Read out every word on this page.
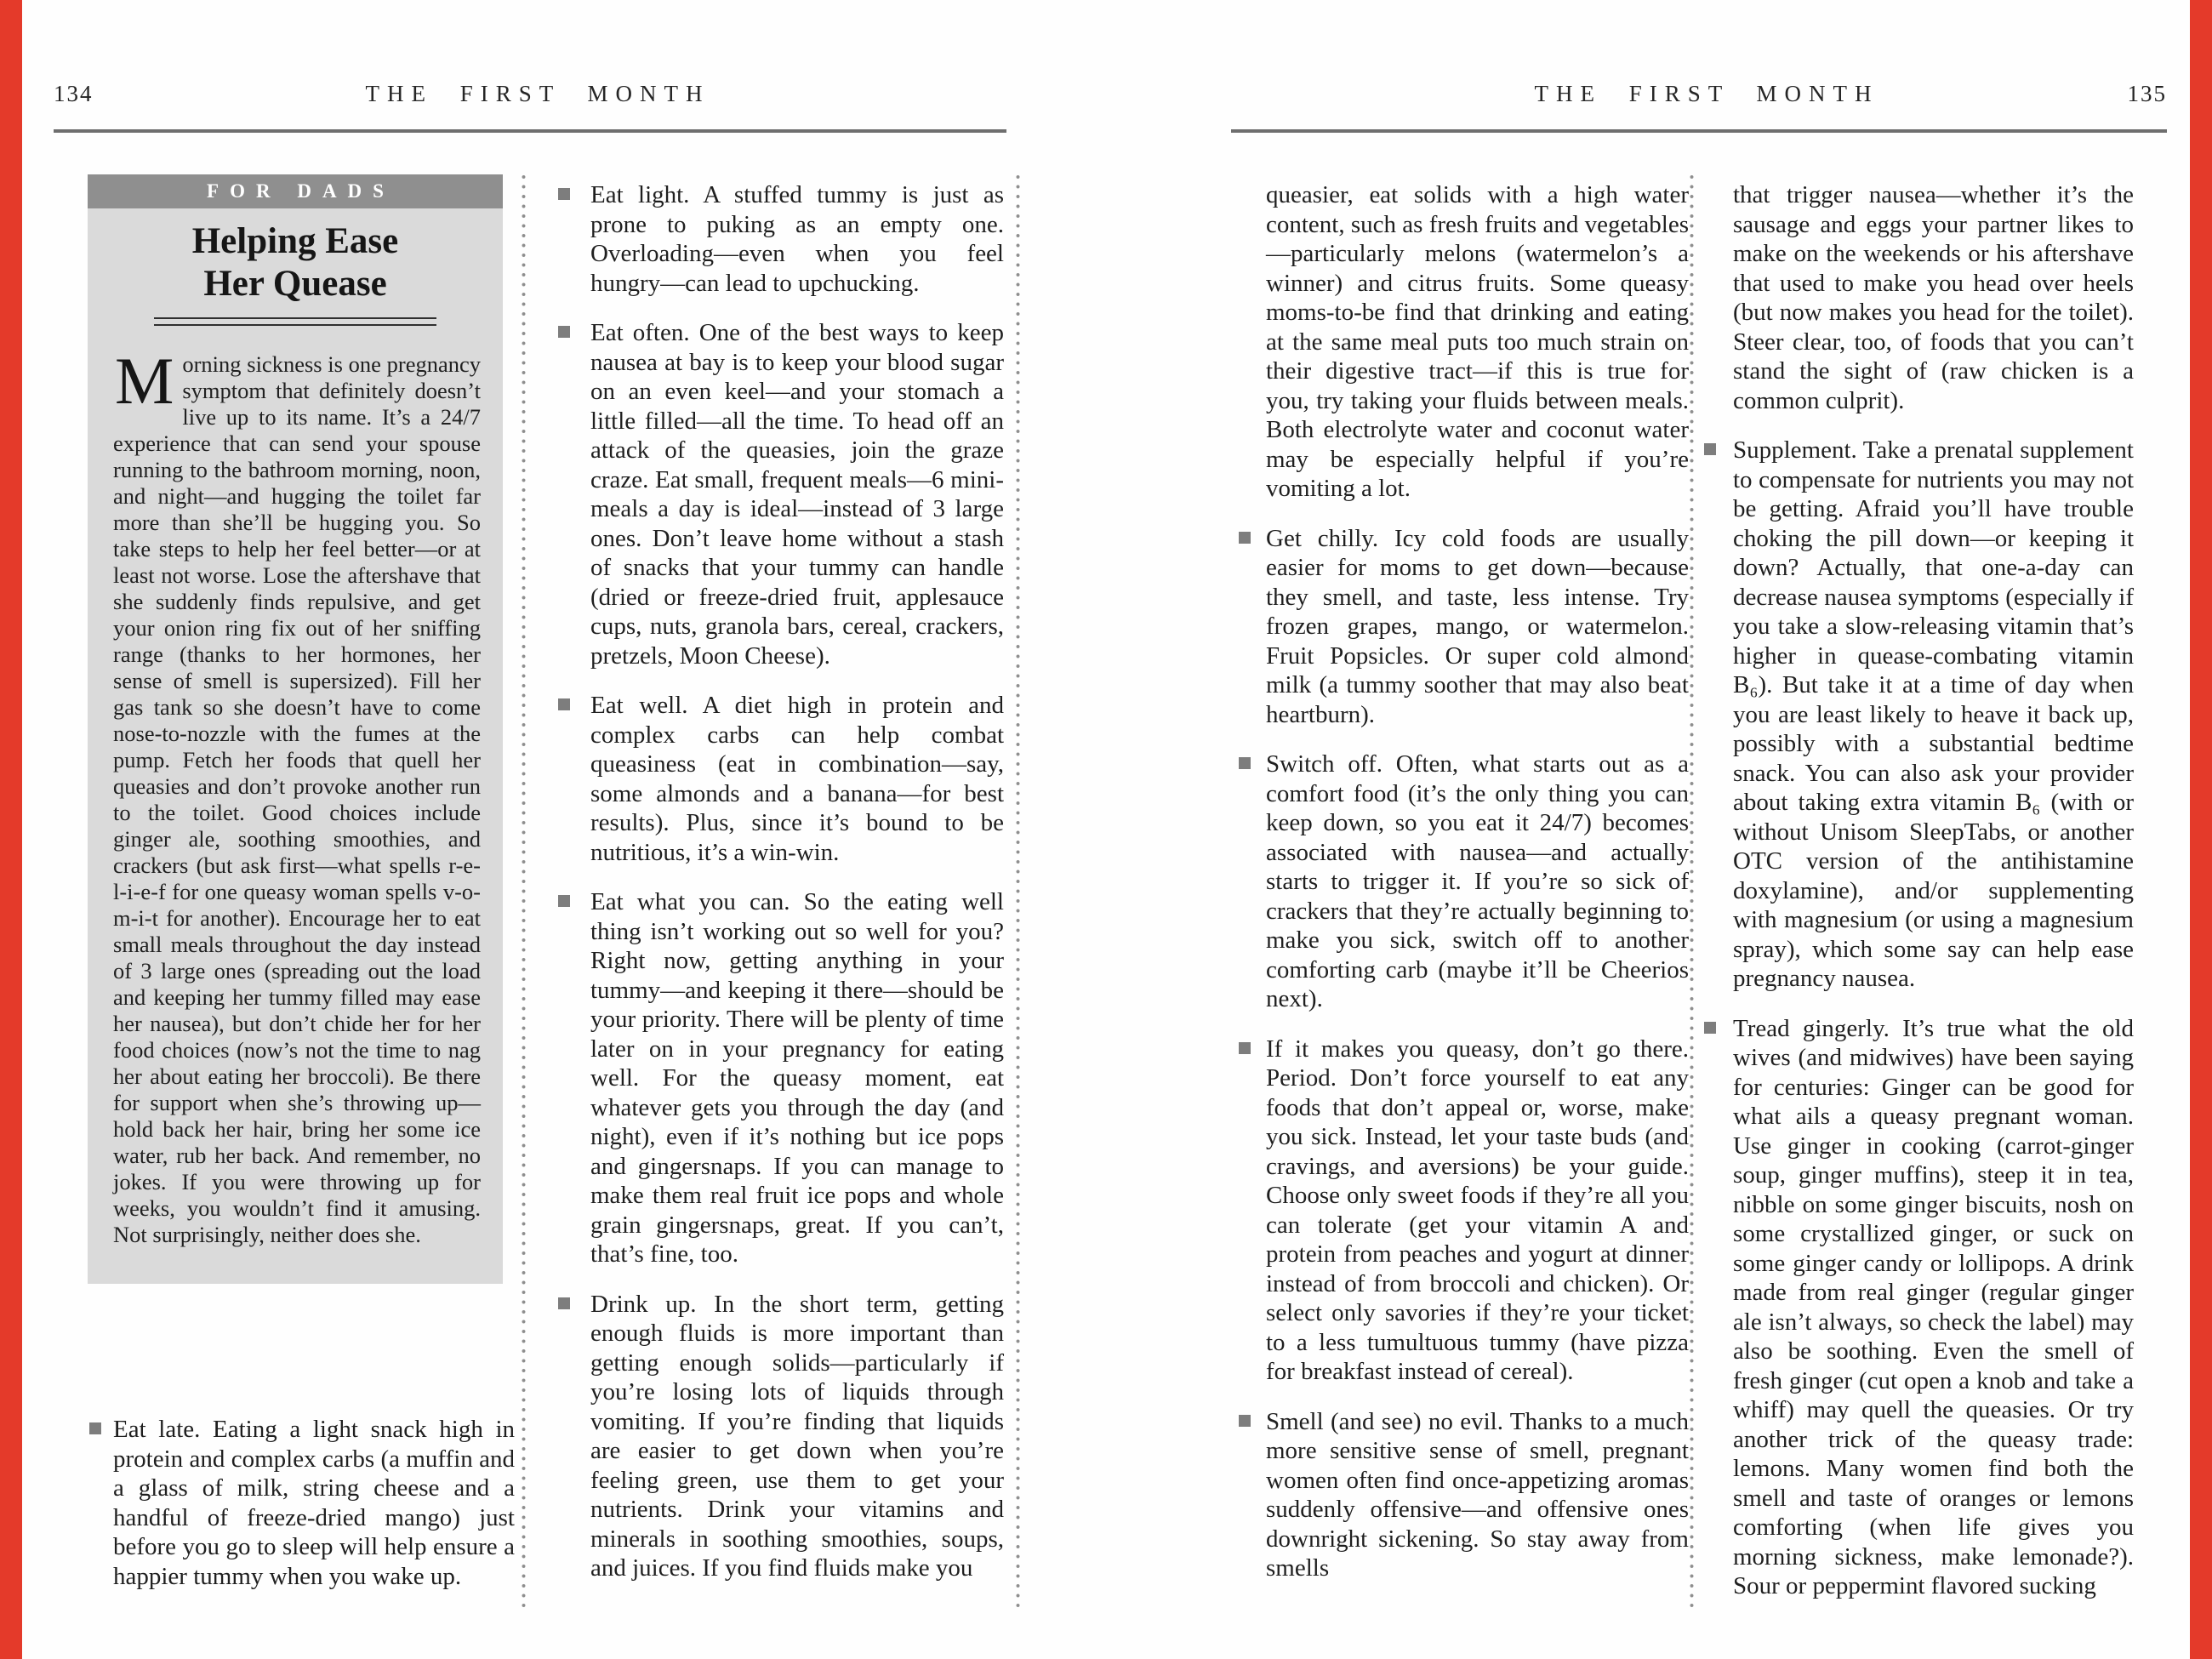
134	THE FIRST MONTH
FOR DADS
Helping Ease
Her Quease
Morning sickness is one pregnancy symptom that definitely doesn’t live up to its name. It’s a 24/7 experience that can send your spouse running to the bathroom morning, noon, and night—and hugging the toilet far more than she’ll be hugging you. So take steps to help her feel better—or at least not worse. Lose the aftershave that she suddenly finds repulsive, and get your onion ring fix out of her sniffing range (thanks to her hormones, her sense of smell is supersized). Fill her gas tank so she doesn’t have to come nose-to-nozzle with the fumes at the pump. Fetch her foods that quell her queasies and don’t provoke another run to the toilet. Good choices include ginger ale, soothing smoothies, and crackers (but ask first—what spells r-e-l-i-e-f for one queasy woman spells v-o-m-i-t for another). Encourage her to eat small meals throughout the day instead of 3 large ones (spreading out the load and keeping her tummy filled may ease her nausea), but don’t chide her for her food choices (now’s not the time to nag her about eating her broccoli). Be there for support when she’s throwing up—hold back her hair, bring her some ice water, rub her back. And remember, no jokes. If you were throwing up for weeks, you wouldn’t find it amusing. Not surprisingly, neither does she.
Eat late. Eating a light snack high in protein and complex carbs (a muffin and a glass of milk, string cheese and a handful of freeze-dried mango) just before you go to sleep will help ensure a happier tummy when you wake up.
Eat light. A stuffed tummy is just as prone to puking as an empty one. Overloading—even when you feel hungry—can lead to upchucking.
Eat often. One of the best ways to keep nausea at bay is to keep your blood sugar on an even keel—and your stomach a little filled—all the time. To head off an attack of the queasies, join the graze craze. Eat small, frequent meals—6 mini-meals a day is ideal—instead of 3 large ones. Don’t leave home without a stash of snacks that your tummy can handle (dried or freeze-dried fruit, applesauce cups, nuts, granola bars, cereal, crackers, pretzels, Moon Cheese).
Eat well. A diet high in protein and complex carbs can help combat queasiness (eat in combination—say, some almonds and a banana—for best results). Plus, since it’s bound to be nutritious, it’s a win-win.
Eat what you can. So the eating well thing isn’t working out so well for you? Right now, getting anything in your tummy—and keeping it there—should be your priority. There will be plenty of time later on in your pregnancy for eating well. For the queasy moment, eat whatever gets you through the day (and night), even if it’s nothing but ice pops and gingersnaps. If you can manage to make them real fruit ice pops and whole grain gingersnaps, great. If you can’t, that’s fine, too.
Drink up. In the short term, getting enough fluids is more important than getting enough solids—particularly if you’re losing lots of liquids through vomiting. If you’re finding that liquids are easier to get down when you’re feeling green, use them to get your nutrients. Drink your vitamins and minerals in soothing smoothies, soups, and juices. If you find fluids make you
THE FIRST MONTH	135
queasier, eat solids with a high water content, such as fresh fruits and vegetables—particularly melons (watermelon’s a winner) and citrus fruits. Some queasy moms-to-be find that drinking and eating at the same meal puts too much strain on their digestive tract—if this is true for you, try taking your fluids between meals. Both electrolyte water and coconut water may be especially helpful if you’re vomiting a lot.
Get chilly. Icy cold foods are usually easier for moms to get down—because they smell, and taste, less intense. Try frozen grapes, mango, or watermelon. Fruit Popsicles. Or super cold almond milk (a tummy soother that may also beat heartburn).
Switch off. Often, what starts out as a comfort food (it’s the only thing you can keep down, so you eat it 24/7) becomes associated with nausea—and actually starts to trigger it. If you’re so sick of crackers that they’re actually beginning to make you sick, switch off to another comforting carb (maybe it’ll be Cheerios next).
If it makes you queasy, don’t go there. Period. Don’t force yourself to eat any foods that don’t appeal or, worse, make you sick. Instead, let your taste buds (and cravings, and aversions) be your guide. Choose only sweet foods if they’re all you can tolerate (get your vitamin A and protein from peaches and yogurt at dinner instead of from broccoli and chicken). Or select only savories if they’re your ticket to a less tumultuous tummy (have pizza for breakfast instead of cereal).
Smell (and see) no evil. Thanks to a much more sensitive sense of smell, pregnant women often find once-appetizing aromas suddenly offensive—and offensive ones downright sickening. So stay away from smells
that trigger nausea—whether it’s the sausage and eggs your partner likes to make on the weekends or his aftershave that used to make you head over heels (but now makes you head for the toilet). Steer clear, too, of foods that you can’t stand the sight of (raw chicken is a common culprit).
Supplement. Take a prenatal supplement to compensate for nutrients you may not be getting. Afraid you’ll have trouble choking the pill down—or keeping it down? Actually, that one-a-day can decrease nausea symptoms (especially if you take a slow-releasing vitamin that’s higher in quease-combating vitamin B₆). But take it at a time of day when you are least likely to heave it back up, possibly with a substantial bedtime snack. You can also ask your provider about taking extra vitamin B₆ (with or without Unisom SleepTabs, or another OTC version of the antihistamine doxylamine), and/or supplementing with magnesium (or using a magnesium spray), which some say can help ease pregnancy nausea.
Tread gingerly. It’s true what the old wives (and midwives) have been saying for centuries: Ginger can be good for what ails a queasy pregnant woman. Use ginger in cooking (carrot-ginger soup, ginger muffins), steep it in tea, nibble on some ginger biscuits, nosh on some crystallized ginger, or suck on some ginger candy or lollipops. A drink made from real ginger (regular ginger ale isn’t always, so check the label) may also be soothing. Even the smell of fresh ginger (cut open a knob and take a whiff) may quell the queasies. Or try another trick of the queasy trade: lemons. Many women find both the smell and taste of oranges or lemons comforting (when life gives you morning sickness, make lemonade?). Sour or peppermint flavored sucking
